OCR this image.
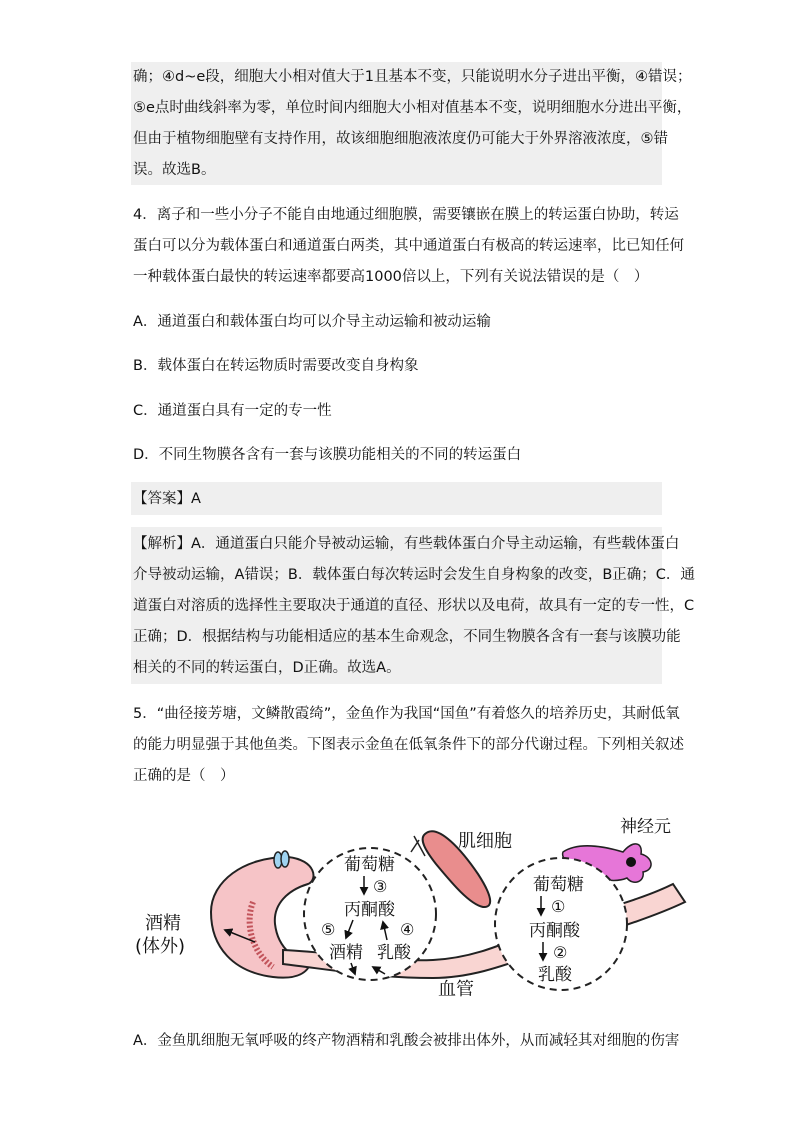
确；④d~e段，细胞大小相对值大于1且基本不变，只能说明水分子进出平衡，④错误；
⑤e点时曲线斜率为零，单位时间内细胞大小相对值基本不变，说明细胞水分进出平衡，
但由于植物细胞壁有支持作用，故该细胞细胞液浓度仍可能大于外界溶液浓度，⑤错
误。故选B。
4．离子和一些小分子不能自由地通过细胞膜，需要镶嵌在膜上的转运蛋白协助，转运
蛋白可以分为载体蛋白和通道蛋白两类，其中通道蛋白有极高的转运速率，比已知任何
一种载体蛋白最快的转运速率都要高1000倍以上，下列有关说法错误的是（　）
A．通道蛋白和载体蛋白均可以介导主动运输和被动运输
B．载体蛋白在转运物质时需要改变自身构象
C．通道蛋白具有一定的专一性
D．不同生物膜各含有一套与该膜功能相关的不同的转运蛋白
【答案】A
【解析】A．通道蛋白只能介导被动运输，有些载体蛋白介导主动运输，有些载体蛋白
介导被动运输，A错误；B．载体蛋白每次转运时会发生自身构象的改变，B正确；C．通
道蛋白对溶质的选择性主要取决于通道的直径、形状以及电荷，故具有一定的专一性，C
正确；D．根据结构与功能相适应的基本生命观念，不同生物膜各含有一套与该膜功能
相关的不同的转运蛋白，D正确。故选A。
5．“曲径接芳塘，文鳞散霞绮”，金鱼作为我国“国鱼”有着悠久的培养历史，其耐低氧
的能力明显强于其他鱼类。下图表示金鱼在低氧条件下的部分代谢过程。下列相关叙述
正确的是（　）
肌细胞
神经元
葡萄糖
③
丙酮酸
⑤	④
酒精 乳酸
酒精
(体外)
葡萄糖
①
丙酮酸
②
乳酸
血管
A．金鱼肌细胞无氧呼吸的终产物酒精和乳酸会被排出体外，从而减轻其对细胞的伤害
